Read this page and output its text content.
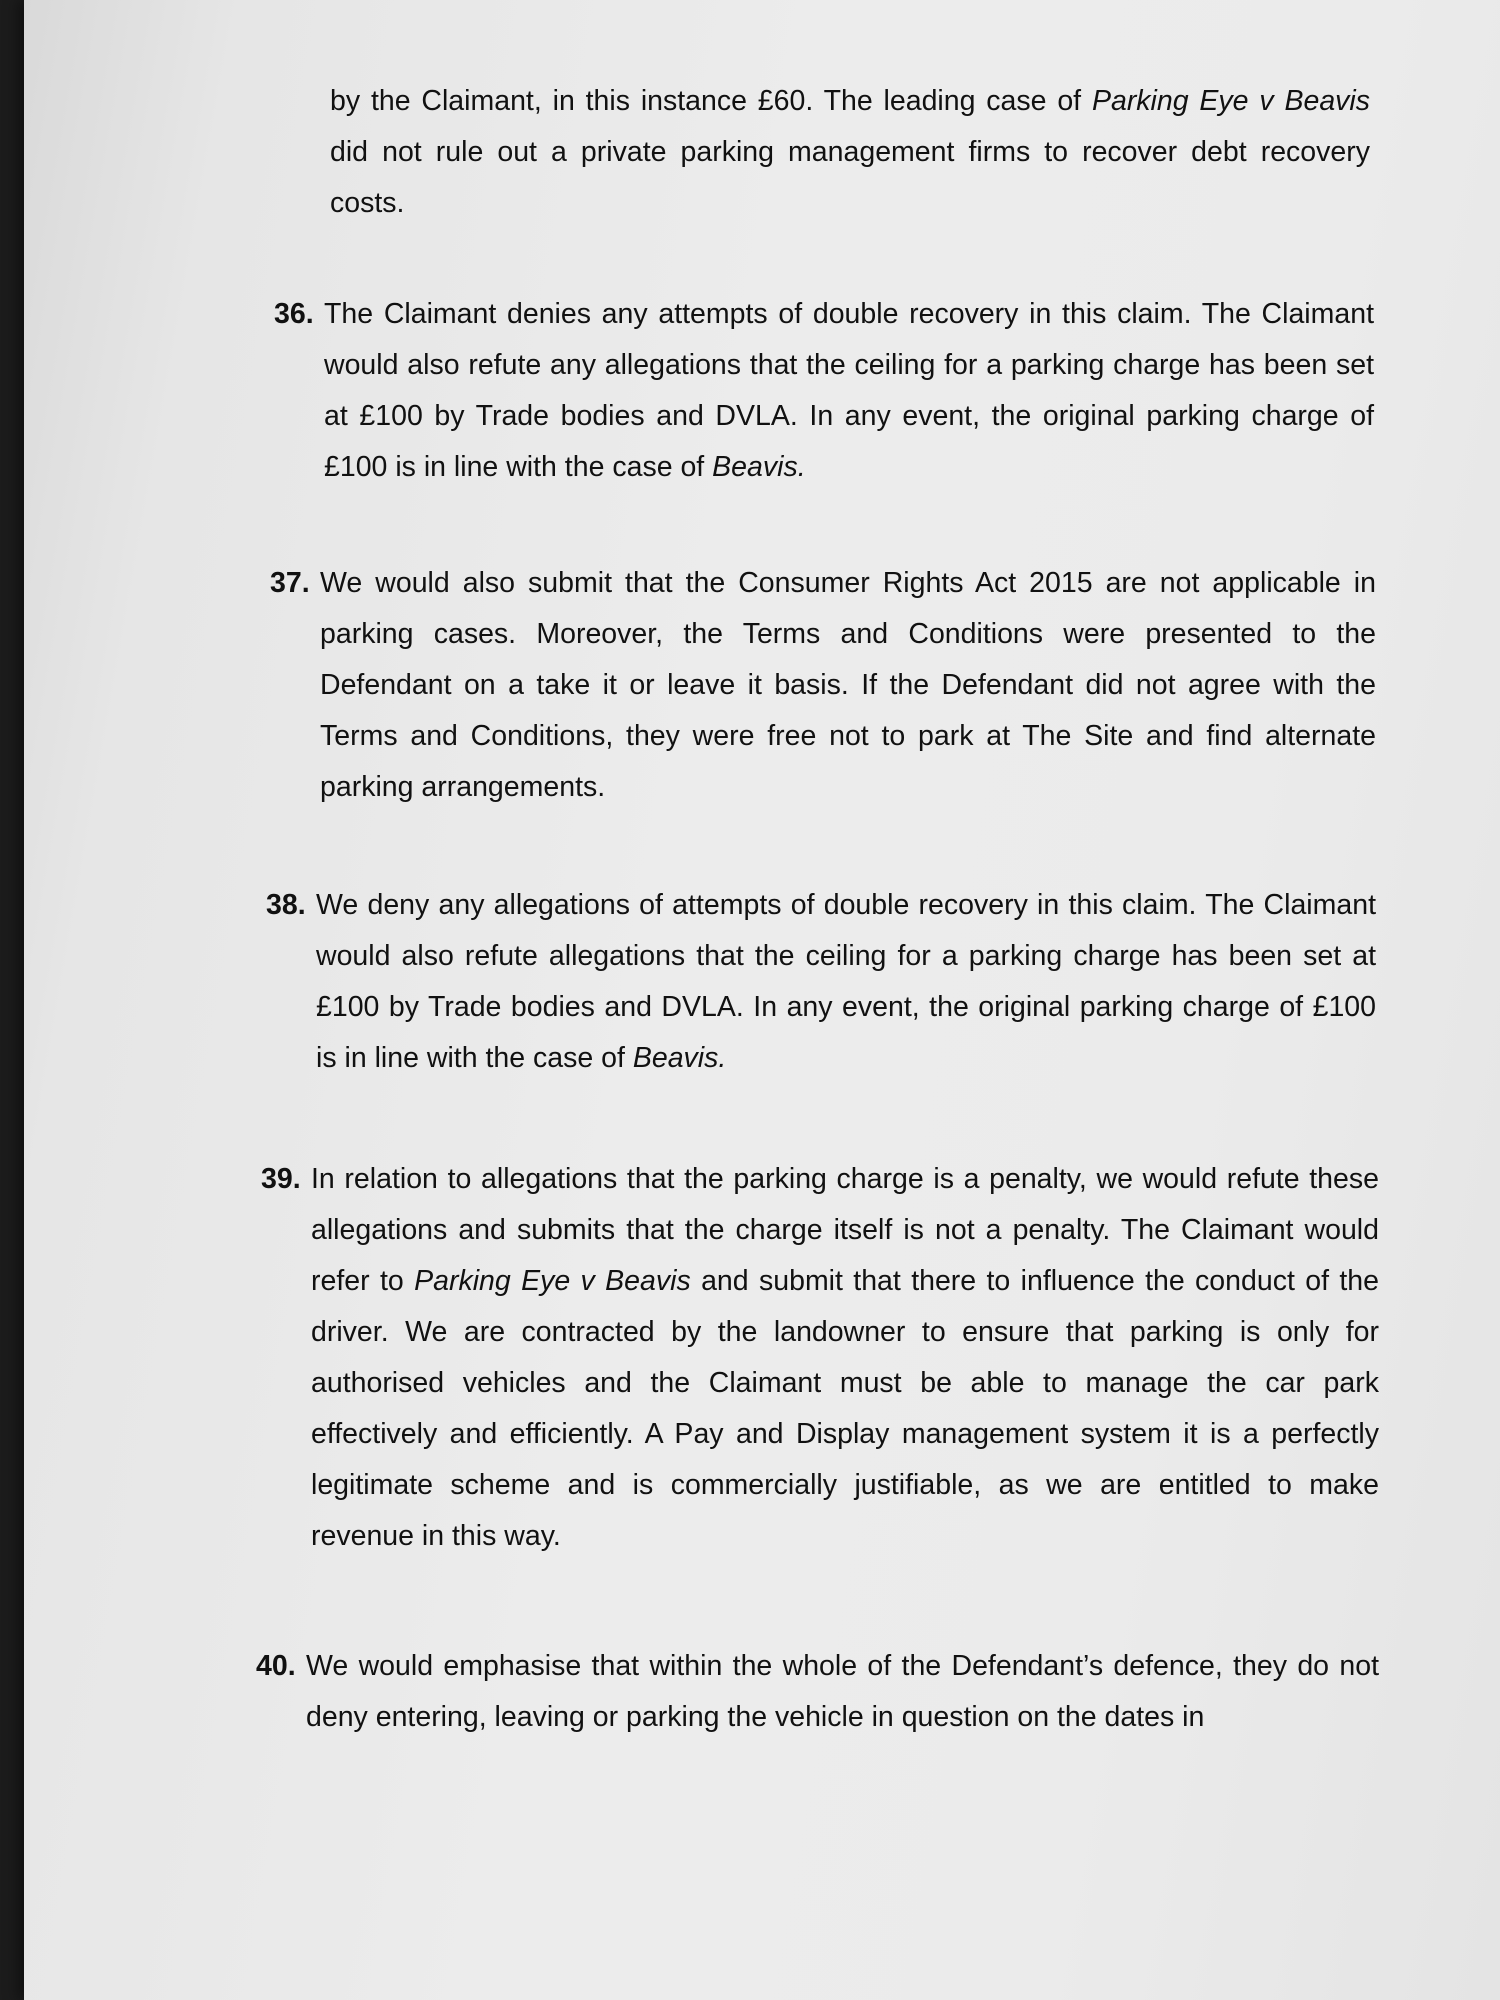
by the Claimant, in this instance £60. The leading case of Parking Eye v Beavis did not rule out a private parking management firms to recover debt recovery costs.
36. The Claimant denies any attempts of double recovery in this claim. The Claimant would also refute any allegations that the ceiling for a parking charge has been set at £100 by Trade bodies and DVLA. In any event, the original parking charge of £100 is in line with the case of Beavis.
37. We would also submit that the Consumer Rights Act 2015 are not applicable in parking cases. Moreover, the Terms and Conditions were presented to the Defendant on a take it or leave it basis. If the Defendant did not agree with the Terms and Conditions, they were free not to park at The Site and find alternate parking arrangements.
38. We deny any allegations of attempts of double recovery in this claim. The Claimant would also refute allegations that the ceiling for a parking charge has been set at £100 by Trade bodies and DVLA. In any event, the original parking charge of £100 is in line with the case of Beavis.
39. In relation to allegations that the parking charge is a penalty, we would refute these allegations and submits that the charge itself is not a penalty. The Claimant would refer to Parking Eye v Beavis and submit that there to influence the conduct of the driver. We are contracted by the landowner to ensure that parking is only for authorised vehicles and the Claimant must be able to manage the car park effectively and efficiently. A Pay and Display management system it is a perfectly legitimate scheme and is commercially justifiable, as we are entitled to make revenue in this way.
40. We would emphasise that within the whole of the Defendant’s defence, they do not deny entering, leaving or parking the vehicle in question on the dates in
